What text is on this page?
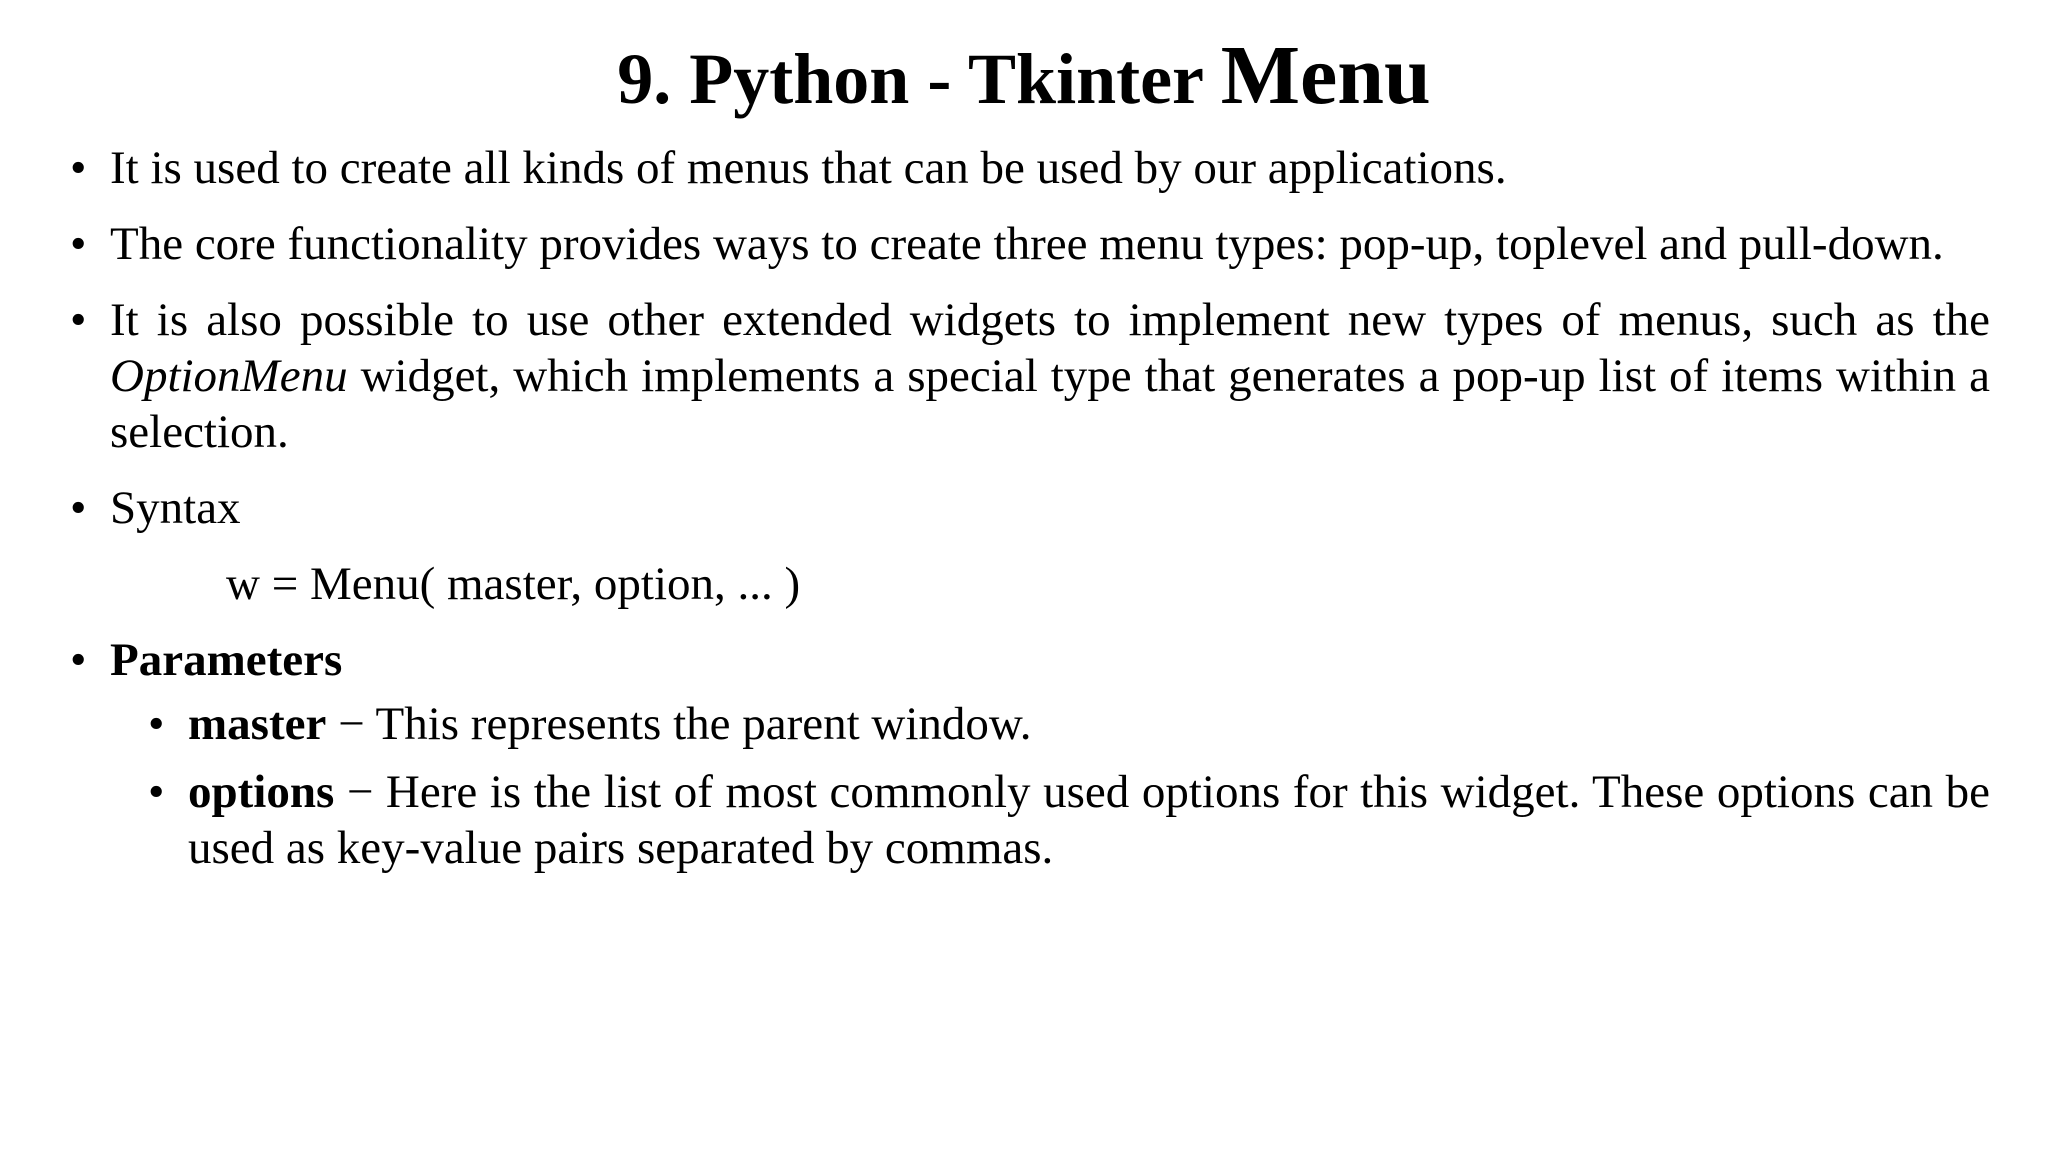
9. Python - Tkinter Menu
• It is used to create all kinds of menus that can be used by our applications.
• The core functionality provides ways to create three menu types: pop-up, toplevel and pull-down.
• It is also possible to use other extended widgets to implement new types of menus, such as the OptionMenu widget, which implements a special type that generates a pop-up list of items within a selection.
• Syntax
w = Menu( master, option, ... )
• Parameters
• master − This represents the parent window.
• options − Here is the list of most commonly used options for this widget. These options can be used as key-value pairs separated by commas.
